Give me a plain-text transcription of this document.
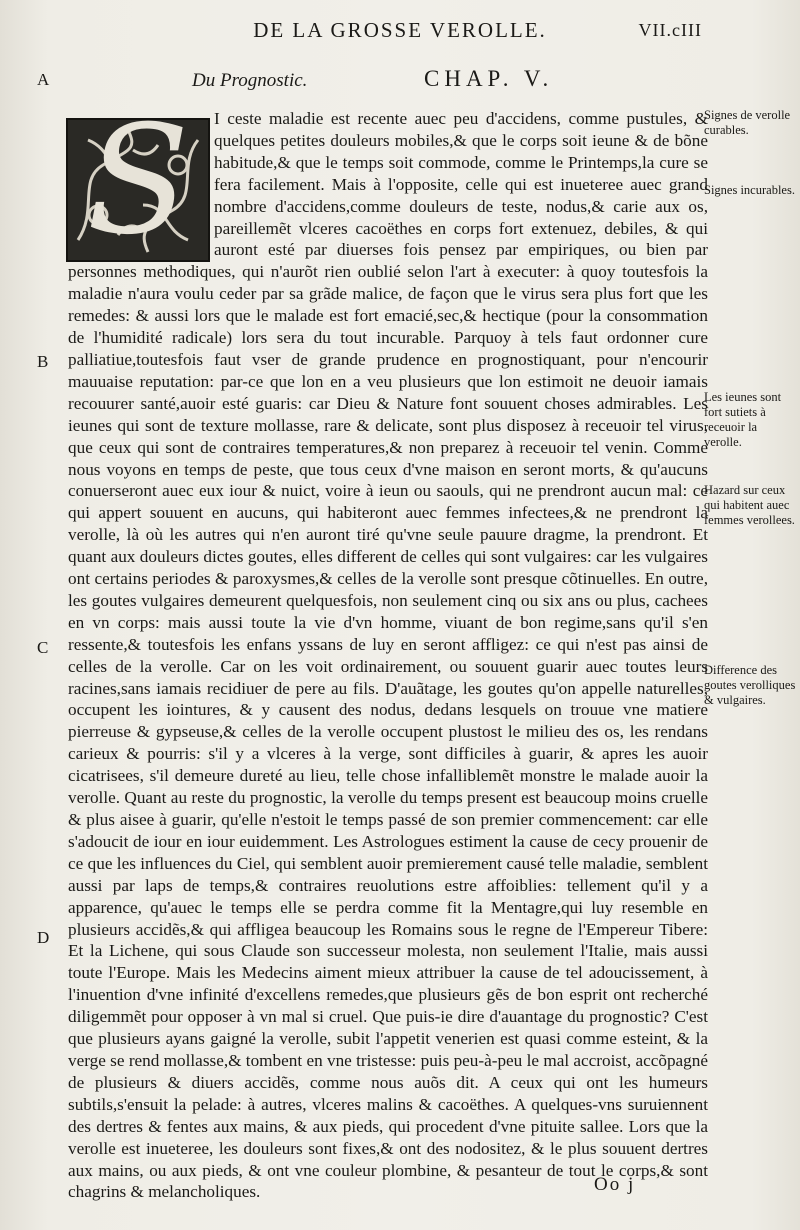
DE LA GROSSE VEROLLE.	VII.cIII
Du Prognostic.	CHAP. V.
A
B
C
D
S	I ceste maladie est recente auec peu d'accidens, comme pustules, & quelques petites douleurs mobiles,& que le corps soit ieune & de bõne habitude,& que le temps soit commode, comme le Printemps,la cure se fera facilement. Mais à l'opposite, celle qui est inueteree auec grand nombre d'accidens,comme douleurs de teste, nodus,& carie aux os, pareillemẽt vlceres cacoëthes en corps fort extenuez, debiles, & qui auront esté par diuerses fois pensez par empiriques, ou bien par personnes methodiques, qui n'aurõt rien oublié selon l'art à executer: à quoy toutesfois la maladie n'aura voulu ceder par sa grãde malice, de façon que le virus sera plus fort que les remedes: & aussi lors que le malade est fort emacié,sec,& hectique (pour la consommation de l'humidité radicale) lors sera du tout incurable. Parquoy à tels faut ordonner cure palliatiue,toutesfois faut vser de grande prudence en prognostiquant, pour n'encourir mauuaise reputation: par-ce que lon en a veu plusieurs que lon estimoit ne deuoir iamais recouurer santé,auoir esté guaris: car Dieu & Nature font souuent choses admirables. Les ieunes qui sont de texture mollasse, rare & delicate, sont plus disposez à receuoir tel virus, que ceux qui sont de contraires temperatures,& non preparez à receuoir tel venin. Comme nous voyons en temps de peste, que tous ceux d'vne maison en seront morts, & qu'aucuns conuerseront auec eux iour & nuict, voire à ieun ou saouls, qui ne prendront aucun mal: ce qui appert souuent en aucuns, qui habiteront auec femmes infectees,& ne prendront la verolle, là où les autres qui n'en auront tiré qu'vne seule pauure dragme, la prendront. Et quant aux douleurs dictes goutes, elles different de celles qui sont vulgaires: car les vulgaires ont certains periodes & paroxysmes,& celles de la verolle sont presque cõtinuelles. En outre, les goutes vulgaires demeurent quelquesfois, non seulement cinq ou six ans ou plus, cachees en vn corps: mais aussi toute la vie d'vn homme, viuant de bon regime,sans qu'il s'en ressente,& toutesfois les enfans yssans de luy en seront affligez: ce qui n'est pas ainsi de celles de la verolle. Car on les voit ordinairement, ou souuent guarir auec toutes leurs racines,sans iamais recidiuer de pere au fils. D'auãtage, les goutes qu'on appelle naturelles, occupent les iointures, & y causent des nodus, dedans lesquels on trouue vne matiere pierreuse & gypseuse,& celles de la verolle occupent plustost le milieu des os, les rendans carieux & pourris: s'il y a vlceres à la verge, sont difficiles à guarir, & apres les auoir cicatrisees, s'il demeure dureté au lieu, telle chose infalliblemẽt monstre le malade auoir la verolle. Quant au reste du prognostic, la verolle du temps present est beaucoup moins cruelle & plus aisee à guarir, qu'elle n'estoit le temps passé de son premier commencement: car elle s'adoucit de iour en iour euidemment. Les Astrologues estiment la cause de cecy prouenir de ce que les influences du Ciel, qui semblent auoir premierement causé telle maladie, semblent aussi par laps de temps,& contraires reuolutions estre affoiblies: tellement qu'il y a apparence, qu'auec le temps elle se perdra comme fit la Mentagre,qui luy resemble en plusieurs accidẽs,& qui affligea beaucoup les Romains sous le regne de l'Empereur Tibere: Et la Lichene, qui sous Claude son successeur molesta, non seulement l'Italie, mais aussi toute l'Europe. Mais les Medecins aiment mieux attribuer la cause de tel adoucissement, à l'inuention d'vne infinité d'excellens remedes,que plusieurs gẽs de bon esprit ont recherché diligemmẽt pour opposer à vn mal si cruel. Que puis-ie dire d'auantage du prognostic? C'est que plusieurs ayans gaigné la verolle, subit l'appetit venerien est quasi comme esteint, & la verge se rend mollasse,& tombent en vne tristesse: puis peu-à-peu le mal accroist, accõpagné de plusieurs & diuers accidẽs, comme nous auõs dit. A ceux qui ont les humeurs subtils,s'ensuit la pelade: à autres, vlceres malins & cacoëthes. A quelques-vns suruiennent des dertres & fentes aux mains, & aux pieds, qui procedent d'vne pituite sallee. Lors que la verolle est inueteree, les douleurs sont fixes,& ont des nodositez, & le plus souuent dertres aux mains, ou aux pieds, & ont vne couleur plombine, & pesanteur de tout le corps,& sont chagrins & melancholiques.

Signes de verolle curables.
Signes incurables.
Les ieunes sont fort sutiets à receuoir la verolle.
Hazard sur ceux qui habitent auec femmes verollees.
Difference des goutes verolliques & vulgaires.
Oo j
